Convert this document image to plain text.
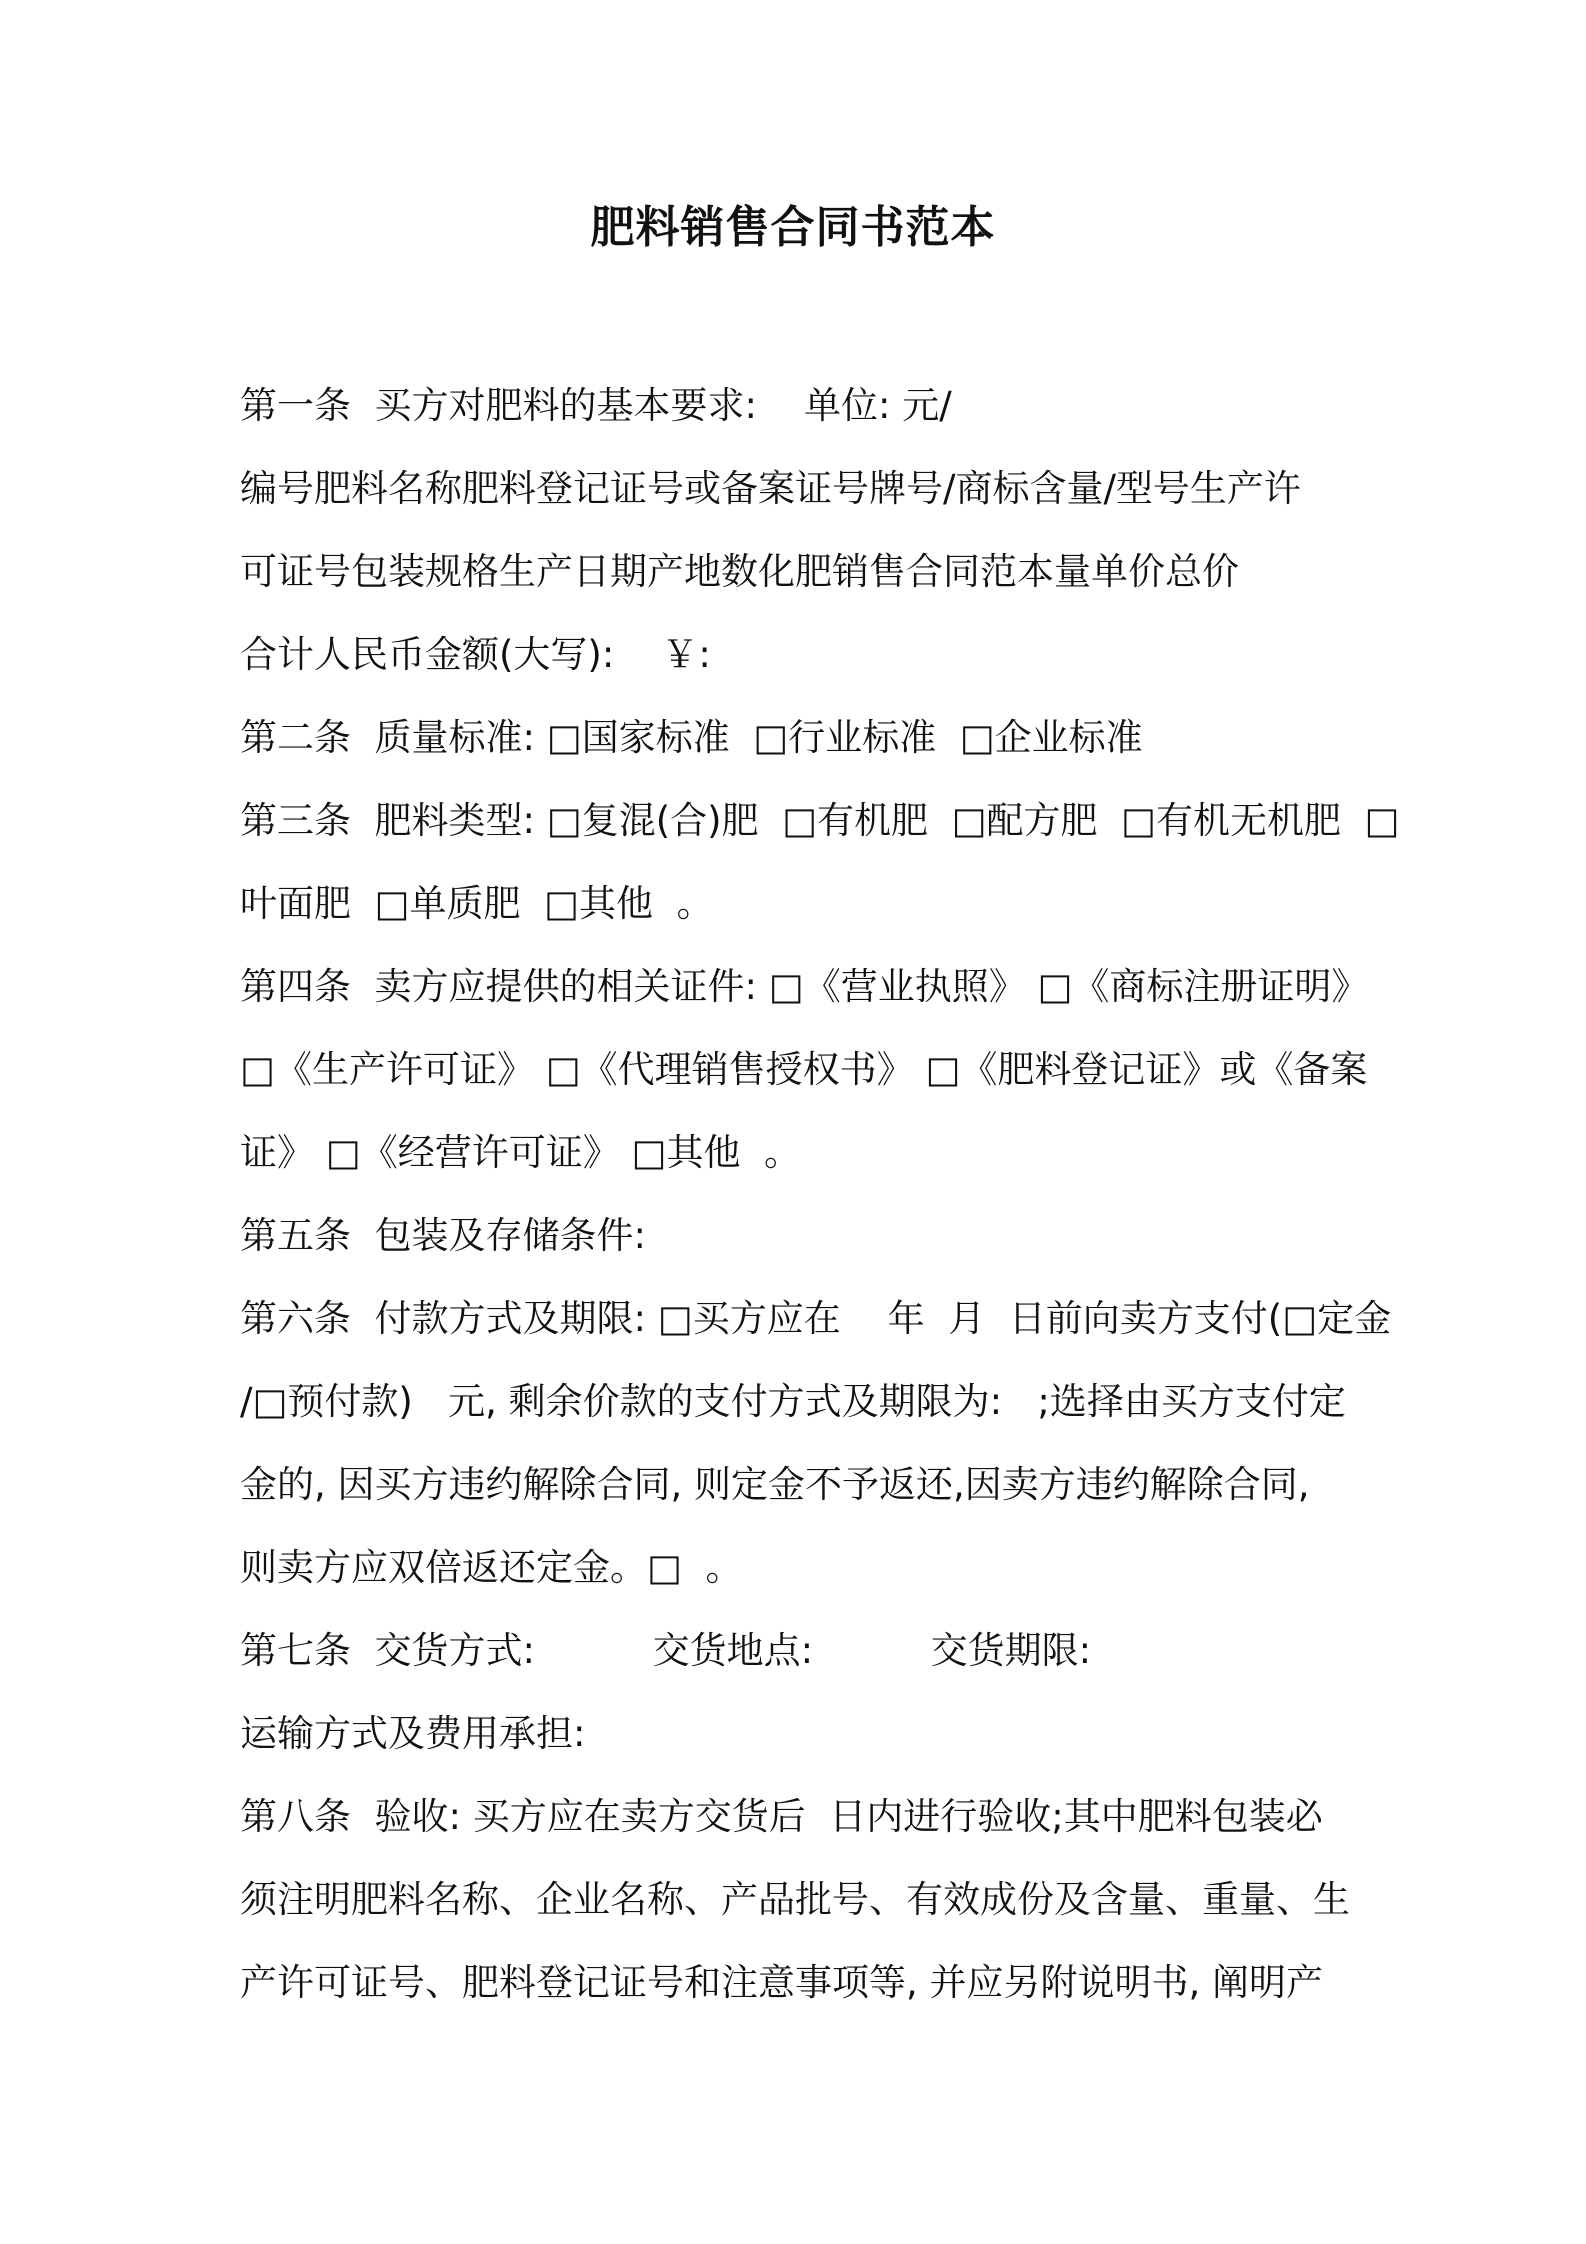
肥料销售合同书范本
第一条  买方对肥料的基本要求:    单位: 元/
编号肥料名称肥料登记证号或备案证号牌号/商标含量/型号生产许
可证号包装规格生产日期产地数化肥销售合同范本量单价总价
合计人民币金额(大写):    ￥:
第二条  质量标准: □国家标准  □行业标准  □企业标准
第三条  肥料类型: □复混(合)肥  □有机肥  □配方肥  □有机无机肥  □
叶面肥  □单质肥  □其他  。
第四条  卖方应提供的相关证件: □《营业执照》 □《商标注册证明》
□《生产许可证》 □《代理销售授权书》 □《肥料登记证》或《备案
证》 □《经营许可证》 □其他  。
第五条  包装及存储条件:
第六条  付款方式及期限: □买方应在    年  月  日前向卖方支付(□定金
/□预付款)   元, 剩余价款的支付方式及期限为:   ;选择由买方支付定
金的, 因买方违约解除合同, 则定金不予返还,因卖方违约解除合同,
则卖方应双倍返还定金。□  。
第七条  交货方式:          交货地点:          交货期限:
运输方式及费用承担:
第八条  验收: 买方应在卖方交货后  日内进行验收;其中肥料包装必
须注明肥料名称、企业名称、产品批号、有效成份及含量、重量、生
产许可证号、肥料登记证号和注意事项等, 并应另附说明书, 阐明产
